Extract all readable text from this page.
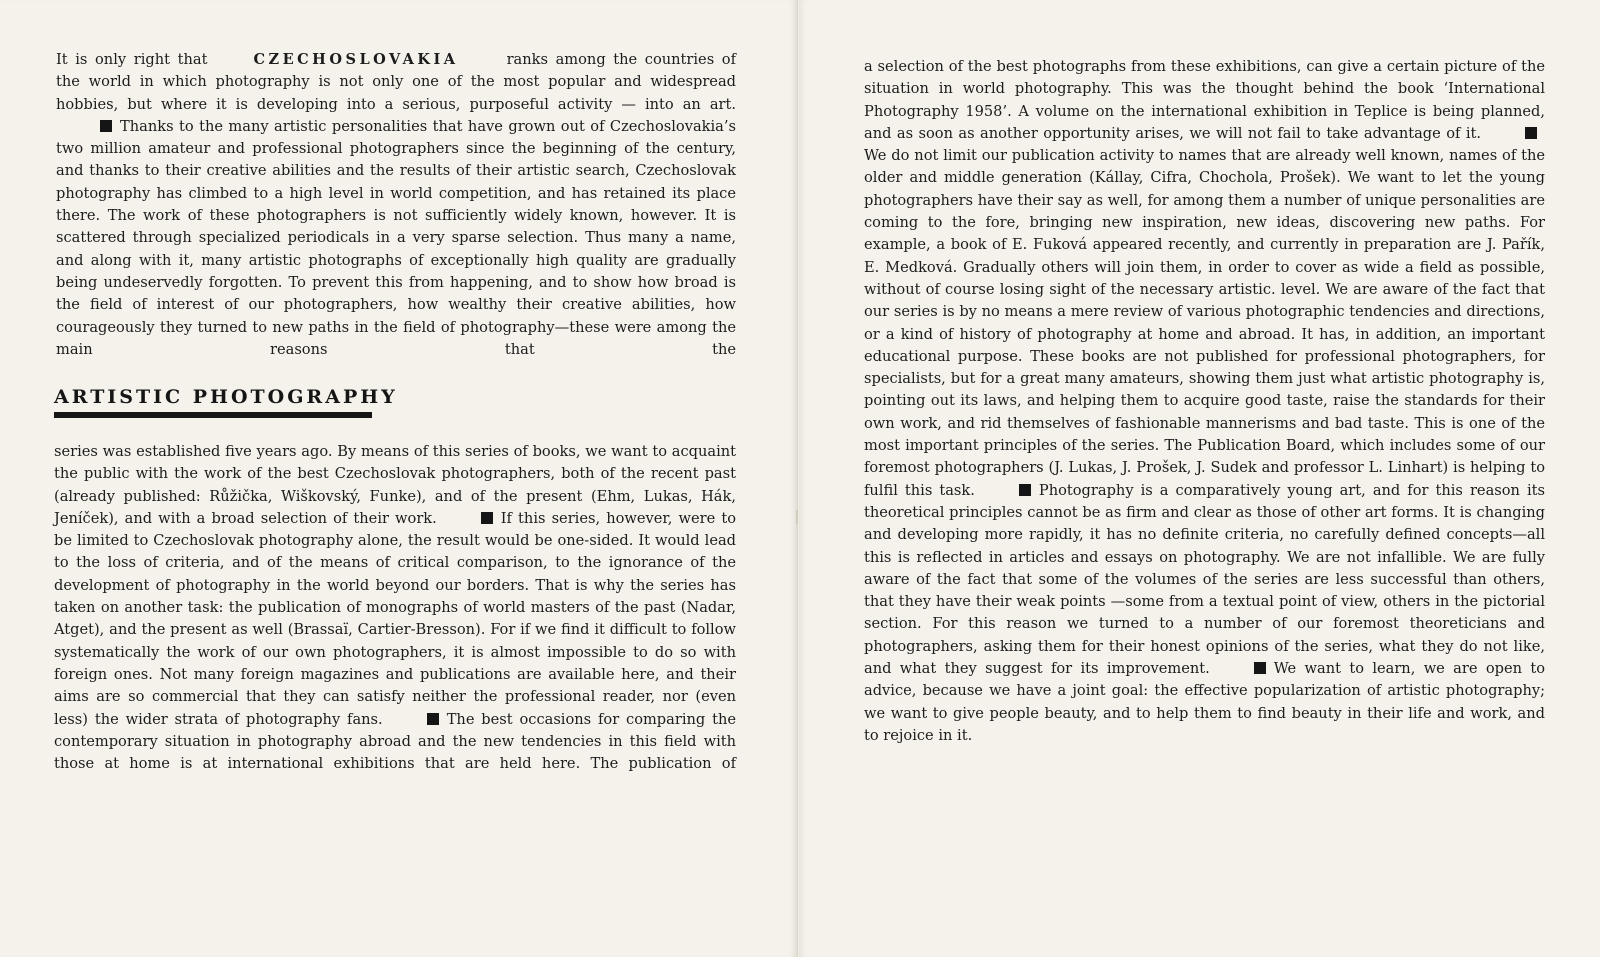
It is only right that	CZECHOSLOVAKIA	ranks among the countries of the world in which photography is not only one of the most popular and widespread hobbies, but where it is developing into a serious, purposeful activity — into an art.Thanks to the many artistic personalities that have grown out of Czechoslovakia’s two million amateur and professional photographers since the beginning of the century, and thanks to their creative abilities and the results of their artistic search, Czechoslovak photography has climbed to a high level in world competition, and has retained its place there. The work of these photographers is not sufficiently widely known, however. It is scattered through specialized periodicals in a very sparse selection. Thus many a name, and along with it, many artistic photographs of exceptionally high quality are gradually being undeservedly forgotten. To prevent this from happening, and to show how broad is the field of interest of our photographers, how wealthy their creative abilities, how courageously they turned to new paths in the field of photography—these were among the main reasons that the

ARTISTIC PHOTOGRAPHY

series was established five years ago. By means of this series of books, we want to acquaint the public with the work of the best Czechoslovak photographers, both of the recent past (already published: Růžička, Wiškovský, Funke), and of the present (Ehm, Lukas, Hák, Jeníček), and with a broad selection of their work.	If this series, however, were to be limited to Czechoslovak photography alone, the result would be one-sided. It would lead to the loss of criteria, and of the means of critical comparison, to the ignorance of the development of photography in the world beyond our borders. That is why the series has taken on another task: the publication of monographs of world masters of the past (Nadar, Atget), and the present as well (Brassaï, Cartier-Bresson). For if we find it difficult to follow systematically the work of our own photographers, it is almost impossible to do so with foreign ones. Not many foreign magazines and publications are available here, and their aims are so commercial that they can satisfy neither the professional reader, nor (even less) the wider strata of photography fans.	The best occasions for comparing the contemporary situation in photography abroad and the new tendencies in this field with those at home is at international exhibitions that are held here. The publication of

a selection of the best photographs from these exhibitions, can give a certain picture of the situation in world photography. This was the thought behind the book ‘International Photography 1958’. A volume on the international exhibition in Teplice is being planned, and as soon as another opportunity arises, we will not fail to take advantage of it.We do not limit our publication activity to names that are already well known, names of the older and middle generation (Kállay, Cifra, Chochola, Prošek). We want to let the young photographers have their say as well, for among them a number of unique personalities are coming to the fore, bringing new inspiration, new ideas, discovering new paths. For example, a book of E. Fuková appeared recently, and currently in preparation are J. Pařík, E. Medková. Gradually others will join them, in order to cover as wide a field as possible, without of course losing sight of the necessary artistic. level. We are aware of the fact that our series is by no means a mere review of various photographic tendencies and directions, or a kind of history of photography at home and abroad. It has, in addition, an important educational purpose. These books are not published for professional photographers, for specialists, but for a great many amateurs, showing them just what artistic photography is, pointing out its laws, and helping them to acquire good taste, raise the standards for their own work, and rid themselves of fashionable mannerisms and bad taste. This is one of the most important principles of the series. The Publication Board, which includes some of our foremost photographers (J. Lukas, J. Prošek, J. Sudek and professor L. Linhart) is helping to fulfil this task.	Photography is a comparatively young art, and for this reason its theoretical principles cannot be as firm and clear as those of other art forms. It is changing and developing more rapidly, it has no definite criteria, no carefully defined concepts—all this is reflected in articles and essays on photography. We are not infallible. We are fully aware of the fact that some of the volumes of the series are less successful than others, that they have their weak points —some from a textual point of view, others in the pictorial section. For this reason we turned to a number of our foremost theoreticians and photographers, asking them for their honest opinions of the series, what they do not like, and what they suggest for its improvement.	We want to learn, we are open to advice, because we have a joint goal: the effective popularization of artistic photography; we want to give people beauty, and to help them to find beauty in their life and work, and to rejoice in it.
